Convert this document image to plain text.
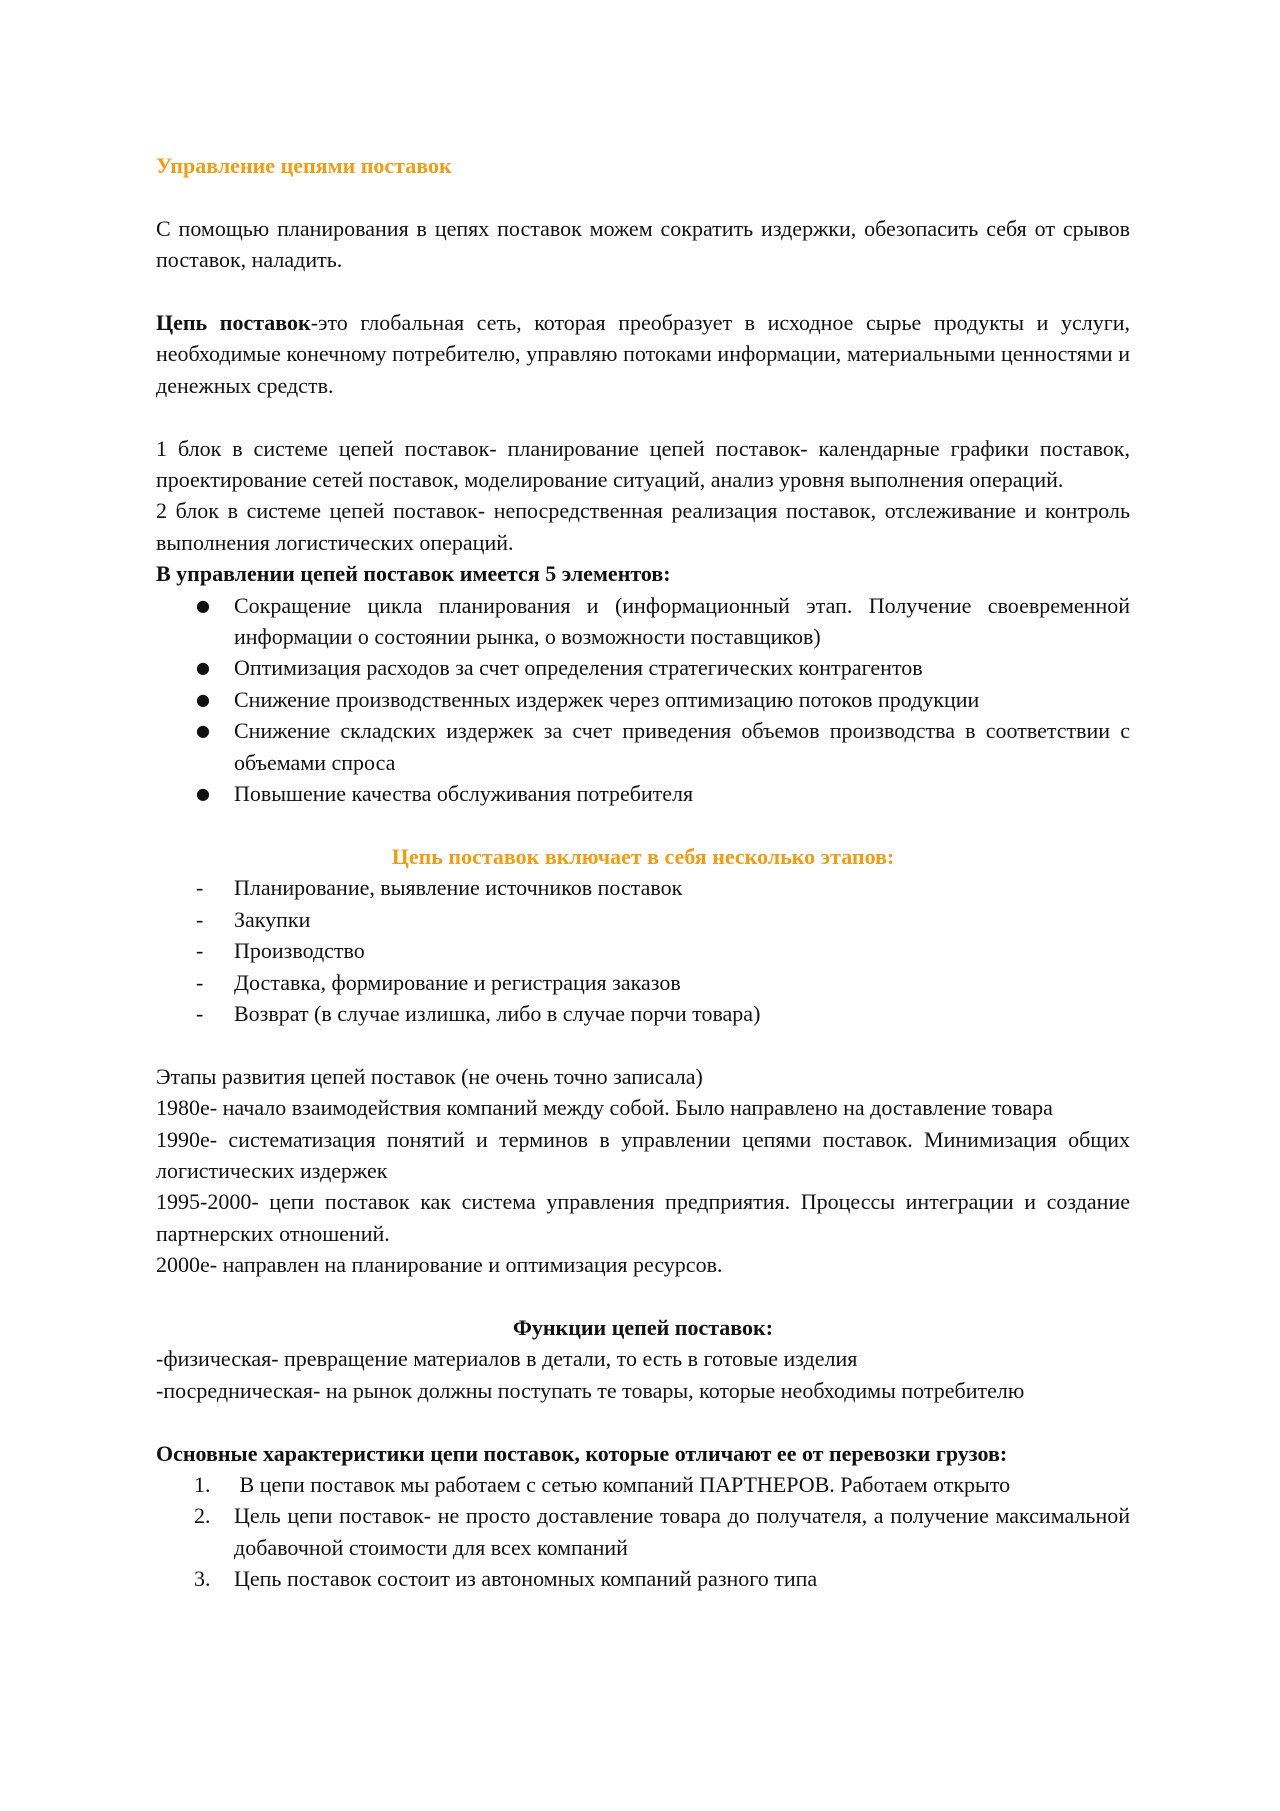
Управление цепями поставок

С помощью планирования в цепях поставок можем сократить издержки, обезопасить себя от срывов поставок, наладить.

Цепь поставок-это глобальная сеть, которая преобразует в исходное сырье продукты и услуги, необходимые конечному потребителю, управляю потоками информации, материальными ценностями и денежных средств.

1 блок в системе цепей поставок- планирование цепей поставок- календарные графики поставок, проектирование сетей поставок, моделирование ситуаций, анализ уровня выполнения операций.

2 блок в системе цепей поставок- непосредственная реализация поставок, отслеживание и контроль выполнения логистических операций.

В управлении цепей поставок имеется 5 элементов:

● Сокращение цикла планирования и (информационный этап. Получение своевременной информации о состоянии рынка, о возможности поставщиков)
● Оптимизация расходов за счет определения стратегических контрагентов
● Снижение производственных издержек через оптимизацию потоков продукции
● Снижение складских издержек за счет приведения объемов производства в соответствии с объемами спроса
● Повышение качества обслуживания потребителя

Цепь поставок включает в себя несколько этапов:

- Планирование, выявление источников поставок
- Закупки
- Производство
- Доставка, формирование и регистрация заказов
- Возврат (в случае излишка, либо в случае порчи товара)

Этапы развития цепей поставок (не очень точно записала)

1980е- начало взаимодействия компаний между собой. Было направлено на доставление товара

1990е- систематизация понятий и терминов в управлении цепями поставок. Минимизация общих логистических издержек

1995-2000- цепи поставок как система управления предприятия. Процессы интеграции и создание партнерских отношений.

2000е- направлен на планирование и оптимизация ресурсов.

Функции цепей поставок:

-физическая- превращение материалов в детали, то есть в готовые изделия

-посредническая- на рынок должны поступать те товары, которые необходимы потребителю

Основные характеристики цепи поставок, которые отличают ее от перевозки грузов:

1. В цепи поставок мы работаем с сетью компаний ПАРТНЕРОВ. Работаем открыто
2. Цель цепи поставок- не просто доставление товара до получателя, а получение максимальной добавочной стоимости для всех компаний
3. Цепь поставок состоит из автономных компаний разного типа
